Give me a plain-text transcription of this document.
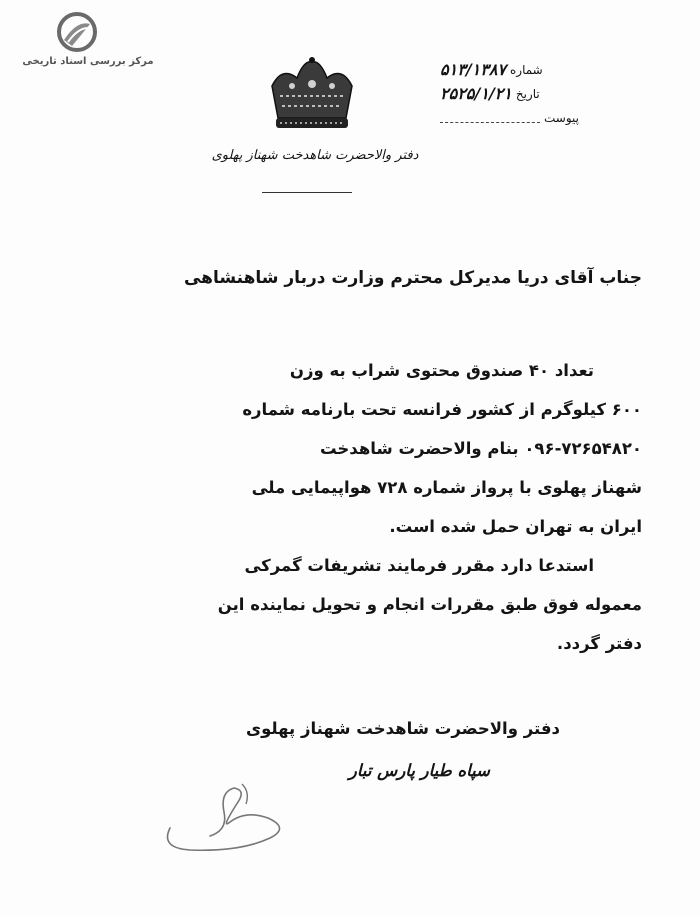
مرکز بررسی اسناد تاریخی
دفتر والاحضرت شاهدخت شهناز پهلوی
شماره
۵۱۳/۱۳۸۷
تاریخ
۲۵۲۵/۱/۲۱
پیوست
جناب آقای دریا مدیرکل محترم وزارت دربار شاهنشاهی
تعداد ۴۰ صندوق محتوی شراب به وزن
۶۰۰ کیلوگرم از کشور فرانسه تحت بارنامه شماره
۰۹۶-۷۲۶۵۴۸۲۰ بنام والاحضرت شاهدخت
شهناز پهلوی با پرواز شماره ۷۲۸ هواپیمایی ملی
ایران به تهران حمل شده است.
استدعا دارد مقرر فرمایند تشریفات گمرکی
معموله فوق طبق مقررات انجام و تحویل نماینده این
دفتر گردد.
دفتر والاحضرت شاهدخت شهناز پهلوی
سپاه طیار پارس تبار
